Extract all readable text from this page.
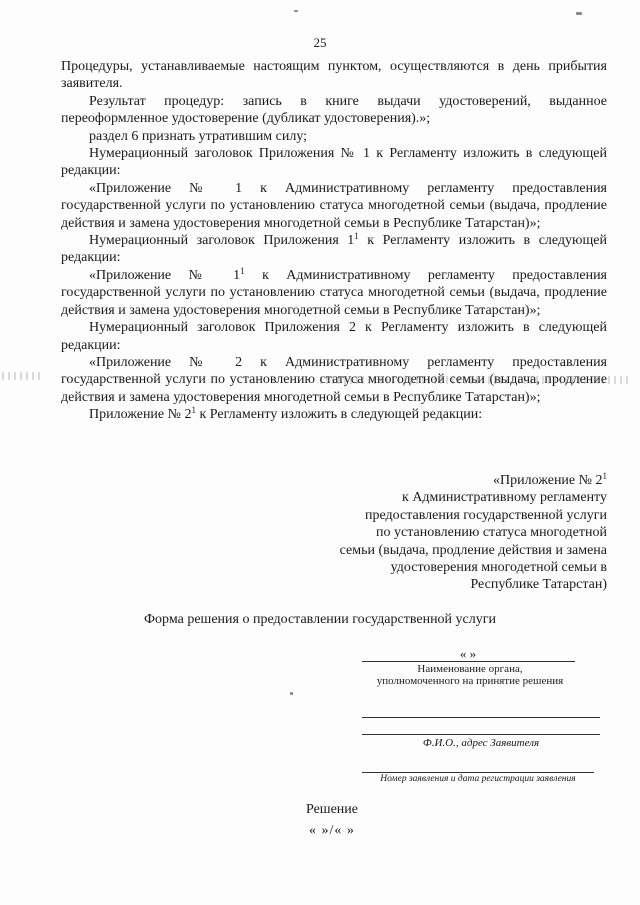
25

Процедуры, устанавливаемые настоящим пунктом, осуществляются в день прибытия заявителя.

Результат процедур: запись в книге выдачи удостоверений, выданное переоформленное удостоверение (дубликат удостоверения).»;

раздел 6 признать утратившим силу;

Нумерационный заголовок Приложения № 1 к Регламенту изложить в следующей редакции:

«Приложение № 1 к Административному регламенту предоставления государственной услуги по установлению статуса многодетной семьи (выдача, продление действия и замена удостоверения многодетной семьи в Республике Татарстан)»;

Нумерационный заголовок Приложения $1^1$ к Регламенту изложить в следующей редакции:

«Приложение № $1^1$ к Административному регламенту предоставления государственной услуги по установлению статуса многодетной семьи (выдача, продление действия и замена удостоверения многодетной семьи в Республике Татарстан)»;

Нумерационный заголовок Приложения 2 к Регламенту изложить в следующей редакции:

«Приложение № 2 к Административному регламенту предоставления государственной услуги по установлению статуса многодетной семьи (выдача, продление действия и замена удостоверения многодетной семьи в Республике Татарстан)»;

Приложение № $2^1$ к Регламенту изложить в следующей редакции:

«Приложение № $2^1$
к Административному регламенту
предоставления государственной услуги
по установлению статуса многодетной
семьи (выдача, продление действия и замена
удостоверения многодетной семьи в
Республике Татарстан)
Форма решения о предоставлении государственной услуги
« »
Наименование органа,
уполномоченного на принятие решения
Ф.И.О., адрес Заявителя
Номер заявления и дата регистрации заявления
Решение
« »/« »
